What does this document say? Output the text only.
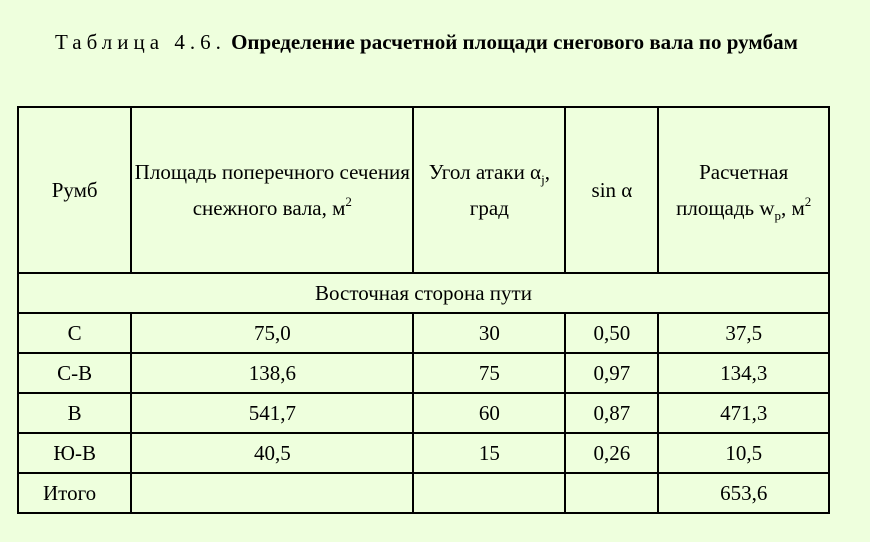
Таблица 4.6. Определение расчетной площади снегового вала по румбам
Румб	Площадь поперечного сечения снежного вала, $м^2$	Угол атаки $\alpha_j$, град	sin α	Расчетная площадь $w_р$, $м^2$
Восточная сторона пути				
С	75,0	30	0,50	37,5
С-В	138,6	75	0,97	134,3
В	541,7	60	0,87	471,3
Ю-В	40,5	15	0,26	10,5
Итого				653,6
